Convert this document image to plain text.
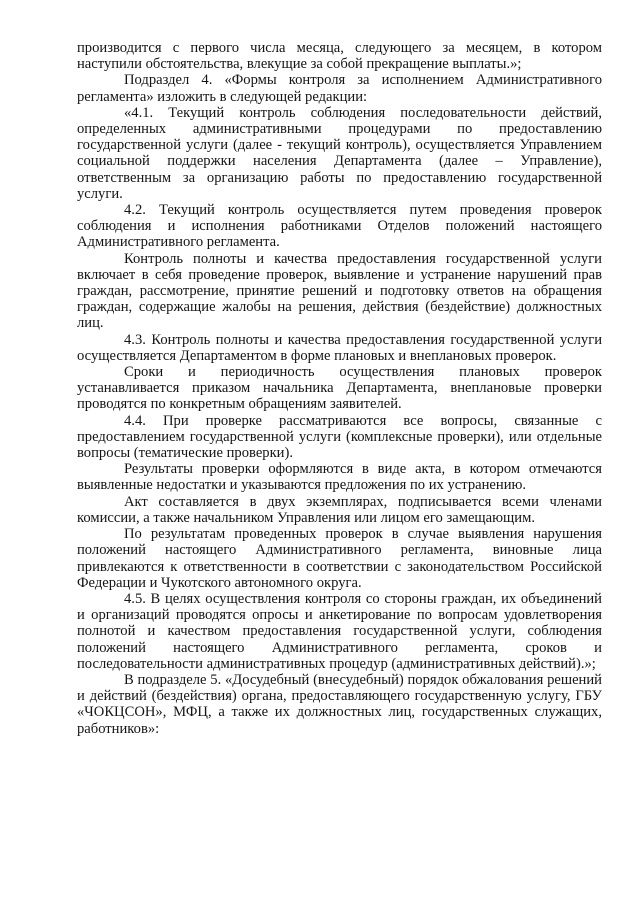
производится с первого числа месяца, следующего за месяцем, в котором наступили обстоятельства, влекущие за собой прекращение выплаты.»;

Подраздел 4. «Формы контроля за исполнением Административного регламента» изложить в следующей редакции:

«4.1. Текущий контроль соблюдения последовательности действий, определенных административными процедурами по предоставлению государственной услуги (далее - текущий контроль), осуществляется Управлением социальной поддержки населения Департамента (далее – Управление), ответственным за организацию работы по предоставлению государственной услуги.

4.2. Текущий контроль осуществляется путем проведения проверок соблюдения и исполнения работниками Отделов положений настоящего Административного регламента.

Контроль полноты и качества предоставления государственной услуги включает в себя проведение проверок, выявление и устранение нарушений прав граждан, рассмотрение, принятие решений и подготовку ответов на обращения граждан, содержащие жалобы на решения, действия (бездействие) должностных лиц.

4.3. Контроль полноты и качества предоставления государственной услуги осуществляется Департаментом в форме плановых и внеплановых проверок.

Сроки и периодичность осуществления плановых проверок устанавливается приказом начальника Департамента, внеплановые проверки проводятся по конкретным обращениям заявителей.

4.4. При проверке рассматриваются все вопросы, связанные с предоставлением государственной услуги (комплексные проверки), или отдельные вопросы (тематические проверки).

Результаты проверки оформляются в виде акта, в котором отмечаются выявленные недостатки и указываются предложения по их устранению.

Акт составляется в двух экземплярах, подписывается всеми членами комиссии, а также начальником Управления или лицом его замещающим.

По результатам проведенных проверок в случае выявления нарушения положений настоящего Административного регламента, виновные лица привлекаются к ответственности в соответствии с законодательством Российской Федерации и Чукотского автономного округа.

4.5. В целях осуществления контроля со стороны граждан, их объединений и организаций проводятся опросы и анкетирование по вопросам удовлетворения полнотой и качеством предоставления государственной услуги, соблюдения положений настоящего Административного регламента, сроков и последовательности административных процедур (административных действий).»;

В подразделе 5. «Досудебный (внесудебный) порядок обжалования решений и действий (бездействия) органа, предоставляющего государственную услугу, ГБУ «ЧОКЦСОН», МФЦ, а также их должностных лиц, государственных служащих, работников»:
